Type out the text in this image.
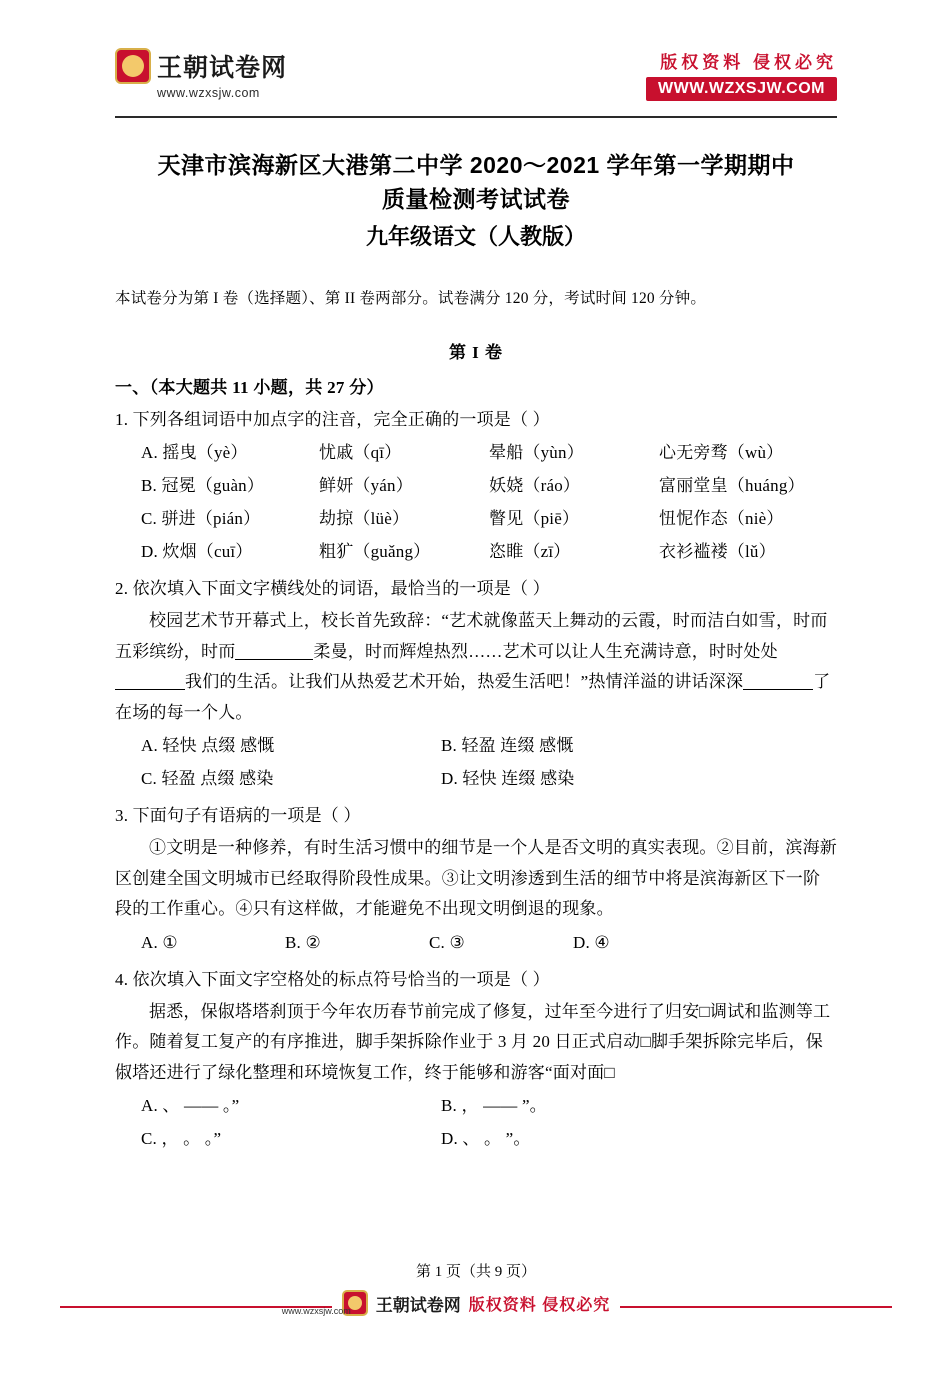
王朝试卷网
www.wzxsjw.com
版权资料 侵权必究
WWW.WZXSJW.COM
天津市滨海新区大港第二中学 2020～2021 学年第一学期期中
质量检测考试试卷
九年级语文（人教版）
本试卷分为第 I 卷（选择题）、第 II 卷两部分。试卷满分 120 分，考试时间 120 分钟。
第 I 卷
一、（本大题共 11 小题，共 27 分）
1. 下列各组词语中加点字的注音，完全正确的一项是（ ）
A. 摇曳（yè）	忧戚（qī）	晕船（yùn）	心无旁骛（wù）
B. 冠冕（guàn）	鲜妍（yán）	妖娆（ráo）	富丽堂皇（huáng）
C. 骈进（pián）	劫掠（lüè）	瞥见（piē）	忸怩作态（niè）
D. 炊烟（cuī）	粗犷（guǎng）	恣睢（zī）	衣衫褴褛（lǔ）
2. 依次填入下面文字横线处的词语，最恰当的一项是（ ）
校园艺术节开幕式上，校长首先致辞：“艺术就像蓝天上舞动的云霞，时而洁白如雪，时而五彩缤纷，时而	柔曼，时而辉煌热烈……艺术可以让人生充满诗意，时时处处我们的生活。让我们从热爱艺术开始，热爱生活吧！”热情洋溢的讲话深深	了在场的每一个人。
A. 轻快 点缀 感慨	B. 轻盈 连缀 感慨
C. 轻盈 点缀 感染	D. 轻快 连缀 感染
3. 下面句子有语病的一项是（ ）
①文明是一种修养，有时生活习惯中的细节是一个人是否文明的真实表现。②目前，滨海新区创建全国文明城市已经取得阶段性成果。③让文明渗透到生活的细节中将是滨海新区下一阶段的工作重心。④只有这样做，才能避免不出现文明倒退的现象。
A. ①	B. ②	C. ③	D. ④
4. 依次填入下面文字空格处的标点符号恰当的一项是（ ）
据悉，保俶塔塔刹顶于今年农历春节前完成了修复，过年至今进行了归安□调试和监测等工作。随着复工复产的有序推进，脚手架拆除作业于 3 月 20 日正式启动□脚手架拆除完毕后，保俶塔还进行了绿化整理和环境恢复工作，终于能够和游客“面对面□
A. 、 —— 。”	B. ， —— ”。
C. ， 。 。”	D. 、 。 ”。
第 1 页（共 9 页）
王朝试卷网
www.wzxsjw.com	版权资料 侵权必究
